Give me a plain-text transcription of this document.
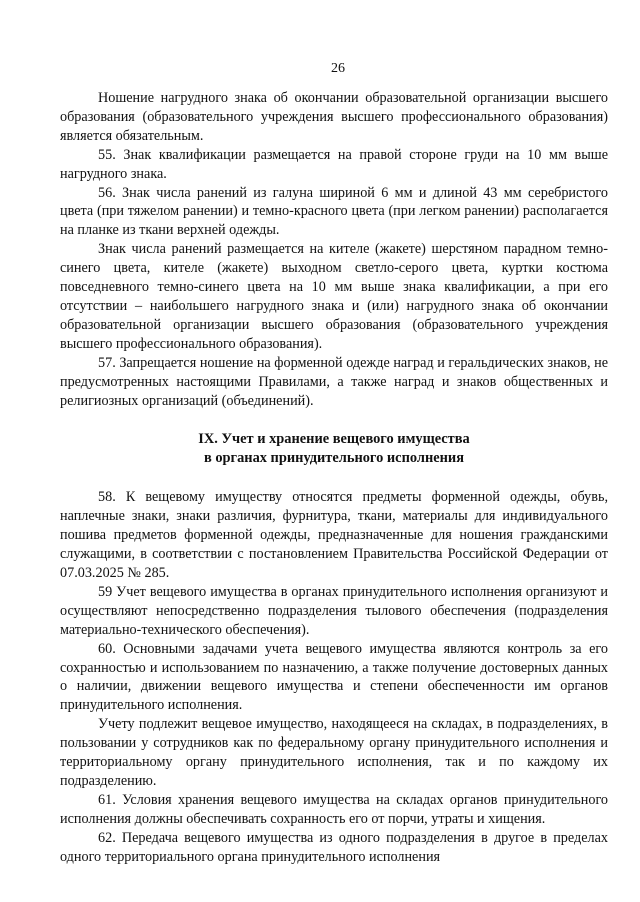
26

Ношение нагрудного знака об окончании образовательной организации высшего образования (образовательного учреждения высшего профессионального образования) является обязательным.

55. Знак квалификации размещается на правой стороне груди на 10 мм выше нагрудного знака.

56. Знак числа ранений из галуна шириной 6 мм и длиной 43 мм серебристого цвета (при тяжелом ранении) и темно-красного цвета (при легком ранении) располагается на планке из ткани верхней одежды.

Знак числа ранений размещается на кителе (жакете) шерстяном парадном темно-синего цвета, кителе (жакете) выходном светло-серого цвета, куртки костюма повседневного темно-синего цвета на 10 мм выше знака квалификации, а при его отсутствии – наибольшего нагрудного знака и (или) нагрудного знака об окончании образовательной организации высшего образования (образовательного учреждения высшего профессионального образования).

57. Запрещается ношение на форменной одежде наград и геральдических знаков, не предусмотренных настоящими Правилами, а также наград и знаков общественных и религиозных организаций (объединений).

IX. Учет и хранение вещевого имущества
в органах принудительного исполнения

58. К вещевому имуществу относятся предметы форменной одежды, обувь, наплечные знаки, знаки различия, фурнитура, ткани, материалы для индивидуального пошива предметов форменной одежды, предназначенные для ношения гражданскими служащими, в соответствии с постановлением Правительства Российской Федерации от 07.03.2025 № 285.

59 Учет вещевого имущества в органах принудительного исполнения организуют и осуществляют непосредственно подразделения тылового обеспечения (подразделения материально-технического обеспечения).

60. Основными задачами учета вещевого имущества являются контроль за его сохранностью и использованием по назначению, а также получение достоверных данных о наличии, движении вещевого имущества и степени обеспеченности им органов принудительного исполнения.

Учету подлежит вещевое имущество, находящееся на складах, в подразделениях, в пользовании у сотрудников как по федеральному органу принудительного исполнения и территориальному органу принудительного исполнения, так и по каждому их подразделению.

61. Условия хранения вещевого имущества на складах органов принудительного исполнения должны обеспечивать сохранность его от порчи, утраты и хищения.

62. Передача вещевого имущества из одного подразделения в другое в пределах одного территориального органа принудительного исполнения
